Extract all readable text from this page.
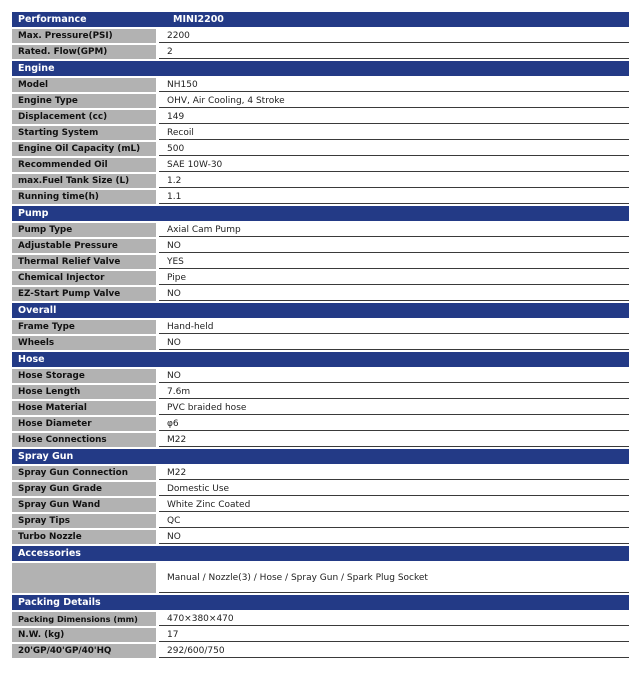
Performance	MINI2200
Max. Pressure(PSI)	2200
Rated. Flow(GPM)	2
Engine
Model	NH150
Engine Type	OHV, Air Cooling, 4 Stroke
Displacement (cc)	149
Starting System	Recoil
Engine Oil Capacity (mL)	500
Recommended Oil	SAE 10W-30
max.Fuel Tank Size (L)	1.2
Running time(h)	1.1
Pump
Pump Type	Axial Cam Pump
Adjustable Pressure	NO
Thermal Relief Valve	YES
Chemical Injector	Pipe
EZ-Start Pump Valve	NO
Overall
Frame Type	Hand-held
Wheels	NO
Hose
Hose Storage	NO
Hose Length	7.6m
Hose Material	PVC braided hose
Hose Diameter	φ6
Hose Connections	M22
Spray Gun
Spray Gun Connection	M22
Spray Gun Grade	Domestic Use
Spray Gun Wand	White Zinc Coated
Spray Tips	QC
Turbo Nozzle	NO
Accessories
Manual / Nozzle(3) / Hose / Spray Gun / Spark Plug Socket
Packing Details
Packing Dimensions (mm)	470×380×470
N.W. (kg)	17
20'GP/40'GP/40'HQ	292/600/750
